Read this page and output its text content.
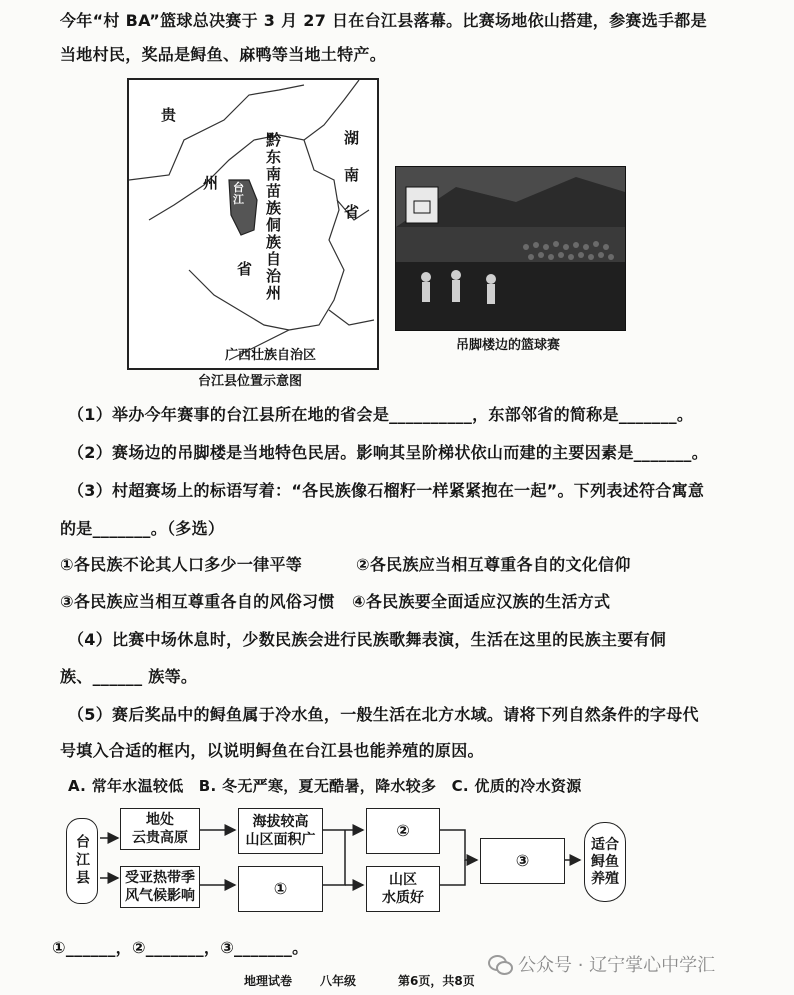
今年“村 BA”篮球总决赛于 3 月 27 日在台江县落幕。比赛场地依山搭建，参赛选手都是
当地村民，奖品是鲟鱼、麻鸭等当地土特产。
贵
州
省
台江 黔东南苗族侗族自治州	湖南省
广西壮族自治区
台江县位置示意图
吊脚楼边的篮球赛
（1）举办今年赛事的台江县所在地的省会是__________，东部邻省的简称是_______。
（2）赛场边的吊脚楼是当地特色民居。影响其呈阶梯状依山而建的主要因素是_______。
（3）村超赛场上的标语写着：“各民族像石榴籽一样紧紧抱在一起”。下列表述符合寓意
的是_______。（多选）
①各民族不论其人口多少一律平等	②各民族应当相互尊重各自的文化信仰
③各民族应当相互尊重各自的风俗习惯 ④各民族要全面适应汉族的生活方式
（4）比赛中场休息时，少数民族会进行民族歌舞表演，生活在这里的民族主要有侗
族、______ 族等。
（5）赛后奖品中的鲟鱼属于冷水鱼，一般生活在北方水域。请将下列自然条件的字母代
号填入合适的框内，以说明鲟鱼在台江县也能养殖的原因。
A. 常年水温较低　B. 冬无严寒，夏无酷暑，降水较多　C. 优质的冷水资源
台江县
地处
云贵高原
受亚热带季
风气候影响
海拔较高
山区面积广
①
②
山区
水质好
③
适合
鲟鱼
养殖
①______，②_______，③_______。
公众号 · 辽宁掌心中学汇
地理试卷 八年级	第6页，共8页
